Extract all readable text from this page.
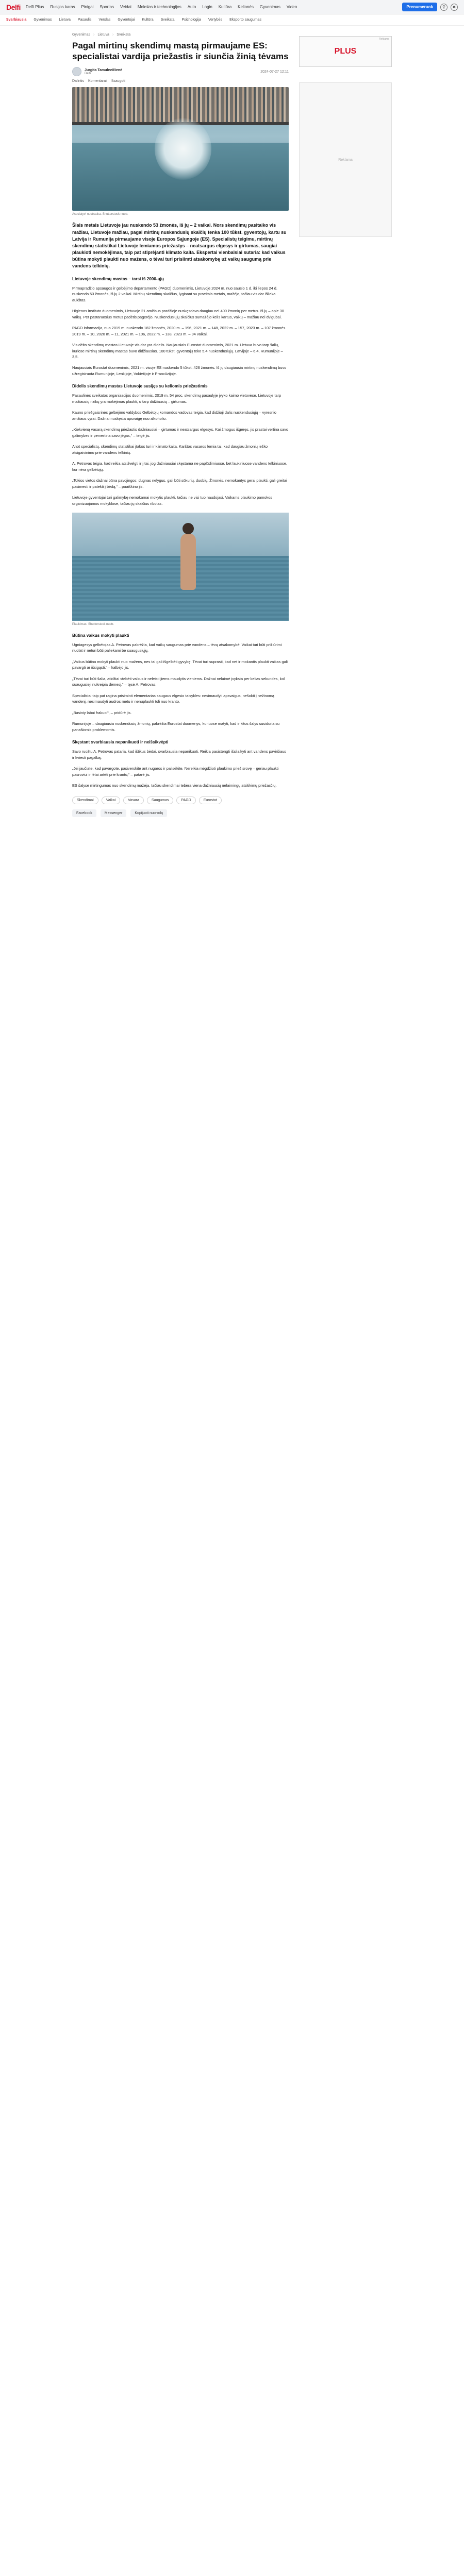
Delfi Delfi Plius Rusijos karas Pinigai Sportas Veidai Mokslas ir technologijos Auto Login Kultūra Kelionės Gyvenimas Video	Prenumeruok	⚲	☻
Svarbiausia Gyvenimas Lietuva Pasaulis Verslas Gyventojai Kultūra Sveikata Psichologija Vertybės Eksporto saugumas
Gyvenimas › Lietuva › Sveikata
Pagal mirtinų skendimų mastą pirmaujame ES: specialistai vardija priežastis ir siunčia žinią tėvams
Jurgita Tamulevičienė
Delfi	2024-07-27 12:11
Dalintis Komentarai Išsaugoti
Asociatyvi nuotrauka. Shutterstock nuotr.

Šiais metais Lietuvoje jau nuskendo 53 žmonės, iš jų – 2 vaikai. Nors skendimų pasitaiko vis mažiau, Lietuvoje mažiau, pagal mirtinų nuskendusių skaičių tenka 100 tūkst. gyventojų, kartu su Latvija ir Rumunija pirmaujame visoje Europos Sąjungoje (ES). Specialistų teigimu, mirtinų skendimų statistikai Lietuvoje lemiamos priežastys – neatsargus elgesys ir girtumas, saugiai plaukioti nemokėjimas, taip pat stiprėjanti klimato kaita. Ekspertai vienbalsiai sutaria: kad vaikus būtina mokyti plaukti nuo mažens, o tėvai turi prisiimti atsakomybę už vaikų saugumą prie vandens telkinių.

Lietuvoje skendimų mastas – tarsi iš 2000-ųjų

Pirmapradžio apsaugos ir gelbėjimo departamento (PAGD) duomenimis, Lietuvoje 2024 m. nuo sausio 1 d. iki liepos 24 d. nuskendo 53 žmonės, iš jų 2 vaikai. Mirtinų skendimų skaičius, lyginant su praeitais metais, mažėjo, tačiau vis dar išlieka aukštas.

Higienos instituto duomenimis, Lietuvoje 21 amžiaus pradžioje nuskęsdavo daugiau nei 400 žmonių per metus. Iš jų – apie 30 vaikų. Per pastaruosius metus padėtis pagerėjo. Nuskendusiųjų skaičius sumažėjo kelis kartus, vaikų – mažiau nei dvigubai.

PAGD informacija, nuo 2019 m. nuskendo 182 žmonės, 2020 m. – 196, 2021 m. – 148, 2022 m. – 157, 2023 m. – 107 žmonės. 2019 m. – 10, 2020 m. – 11, 2021 m. – 106, 2022 m. – 138, 2023 m. – 94 vaikai.

Vis dėlto skendimų mastas Lietuvoje vis dar yra didelis. Naujausiais Eurostat duomenimis, 2021 m. Lietuva buvo tarp šalių, kuriose mirtinų skendimų mastas buvo didžiausias. 100 tūkst. gyventojų teko 5,4 nuskendusiųjų. Latvijoje – 6,4, Rumunijoje – 3,5.

Naujausiais Eurostat duomenimis, 2021 m. visoje ES nuskendo 5 tūkst. 426 žmonės. Iš jų daugiausia mirtinų nuskendimų buvo užregistruota Rumunijoje, Lenkijoje, Vokietijoje ir Prancūzijoje.

Didelis skendimų mastas Lietuvoje susijęs su keliomis priežastimis

Pasaulinės sveikatos organizacijos duomenimis, 2019 m. 54 proc. skendimų pasaulyje įvyko kaimo vietovėse. Lietuvoje tarp mažiausių rizikų yra mokėjimas plaukti, o tarp didžiausių – girtumas.

Kauno priešgaisrinės gelbėjimo valdybos Gelbėtojų komandos vadovas teigia, kad didžioji dalis nuskendusiųjų – vyresnio amžiaus vyrai. Dažnai nuskęsta apsvaigę nuo alkoholio.

„Kiekvieną vasarą skendimų priežastis dažniausiai – girtumas ir neatsargus elgesys. Kai žmogus išgėręs, jis prastai vertina savo galimybes ir pervertina savo jėgas,“ – teigė jis.

Anot specialistų, skendimų statistikai įtakos turi ir klimato kaita. Karštos vasaros lemia tai, kad daugiau žmonių ieško atsigaivinimo prie vandens telkinių.

A. Petrovas teigia, kad reikia atsižvelgti ir į tai, jog dažniausiai skęstama ne paplūdimiuose, bet laukiniuose vandens telkiniuose, kur nėra gelbėtojų.

„Tokios vietos dažnai būna pavojingos: dugnas nelygus, gali būti sūkurių, duobių. Žmonės, nemokantys gerai plaukti, gali greitai pasimesti ir patekti į bėdą,“ – paaiškino jis.

Lietuvoje gyventojai turi galimybę nemokamai mokytis plaukti, tačiau ne visi tuo naudojasi. Vaikams plaukimo pamokos organizuojamos mokyklose, tačiau jų skaičius ribotas.

Plaukimas. Shutterstock nuotr.
Būtina vaikus mokyti plaukti

Ugniagesys gelbėtojas A. Petrovas pabrėžia, kad vaikų saugumas prie vandens – tėvų atsakomybė. Vaikai turi būti prižiūrimi nuolat ir neturi būti paliekami be suaugusiųjų.

„Vaikus būtina mokyti plaukti nuo mažens, nes tai gali išgelbėti gyvybę. Tėvai turi suprasti, kad net ir mokantis plaukti vaikas gali pavargti ar išsigąsti,“ – kalbėjo jis.

„Tėvai turi būti šalia, atidžiai stebėti vaikus ir neleisti jiems maudytis vieniems. Dažnai nelaimė įvyksta per kelias sekundes, kol suaugusieji nukreipia dėmesį,“ – tęsė A. Petrovas.

Specialistai taip pat ragina prisiminti elementarias saugaus elgesio taisykles: nesimaudyti apsvaigus, nešokti į nežinomą vandenį, nesimaudyti audros metu ir nenuplaukti toli nuo kranto.

„Basiniy labai frakuoi“, – pridūrė jis.

Rumunijoje – daugiausia nuskendusių žmonių, pabrėžia Eurostat duomenys, kuriuose matyti, kad ir kitos šalys susiduria su panašiomis problemomis.

Skęstant svarbiausia nepanikuoti ir neišsikvėpti

Savo ruožtu A. Petrovas pataria, kad ištikus bėdai, svarbiausia nepanikuoti. Reikia pasistengti išsilaikyti ant vandens paviršiaus ir kviesti pagalbą.

„Jei jaučiate, kad pavargote, pasiverskite ant nugaros ir pailsėkite. Nereikia mėgdžioti plaukimo prieš srovę – geriau plaukti pasroviui ir lėtai artėti prie kranto,“ – patarė jis.

ES šalyse mirtingumas nuo skendimų mažėja, tačiau skendimai tebėra viena dažniausių nelaimingų atsitikimų priežasčių.

Skendimai	Vaikai	Vasara	Saugumas	PAGD	Eurostat
Facebook	Messenger	Kopijuoti nuorodą
Reklama
PLUS
Reklama
